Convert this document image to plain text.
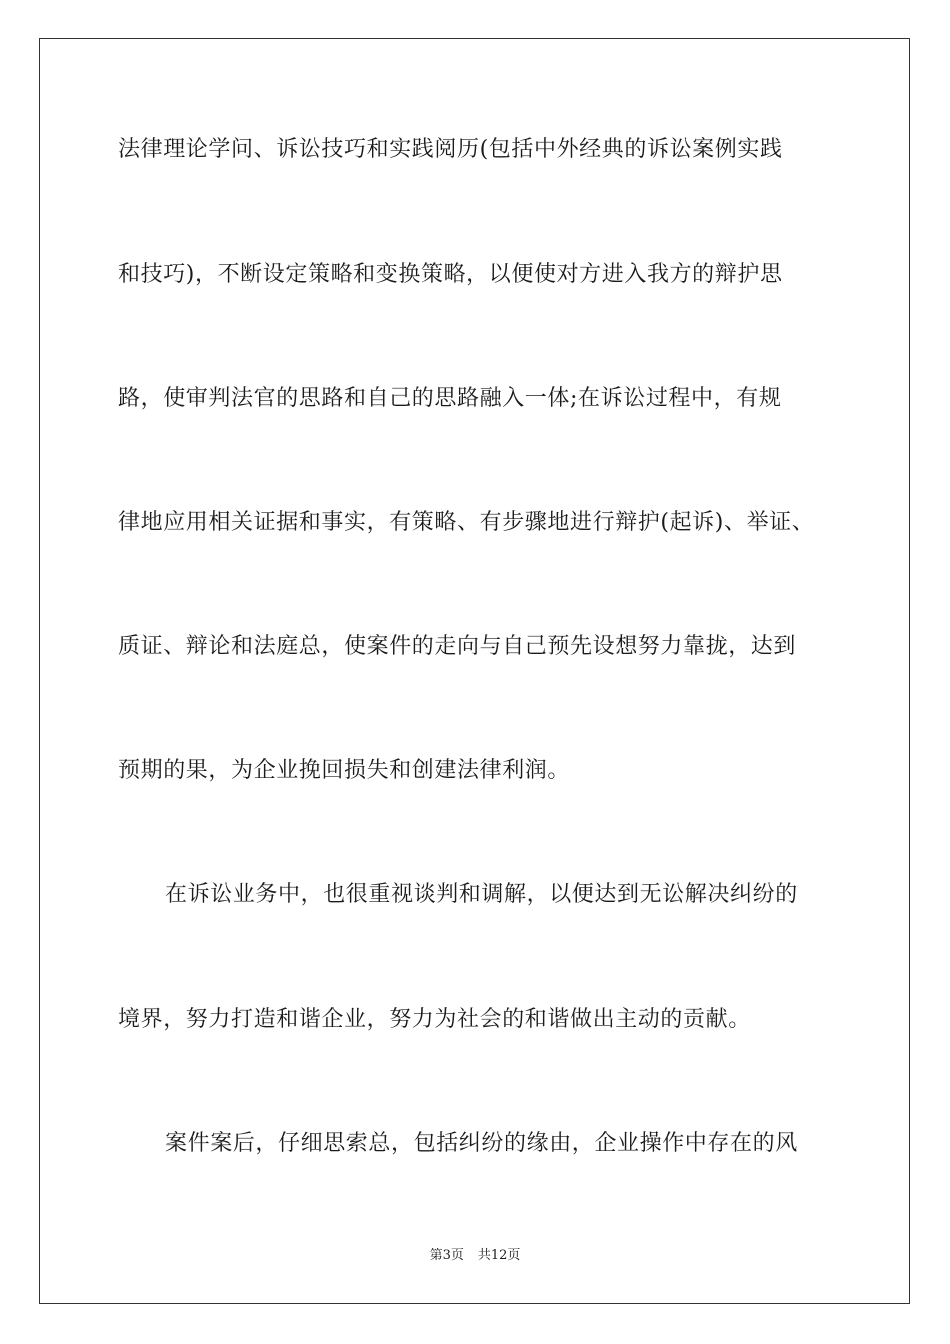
法律理论学问、诉讼技巧和实践阅历(包括中外经典的诉讼案例实践
和技巧)，不断设定策略和变换策略，以便使对方进入我方的辩护思
路，使审判法官的思路和自己的思路融入一体;在诉讼过程中，有规
律地应用相关证据和事实，有策略、有步骤地进行辩护(起诉)、举证、
质证、辩论和法庭总，使案件的走向与自己预先设想努力靠拢，达到
预期的果，为企业挽回损失和创建法律利润。
在诉讼业务中，也很重视谈判和调解，以便达到无讼解决纠纷的
境界，努力打造和谐企业，努力为社会的和谐做出主动的贡献。
案件案后，仔细思索总，包括纠纷的缘由，企业操作中存在的风
第3页 共12页
